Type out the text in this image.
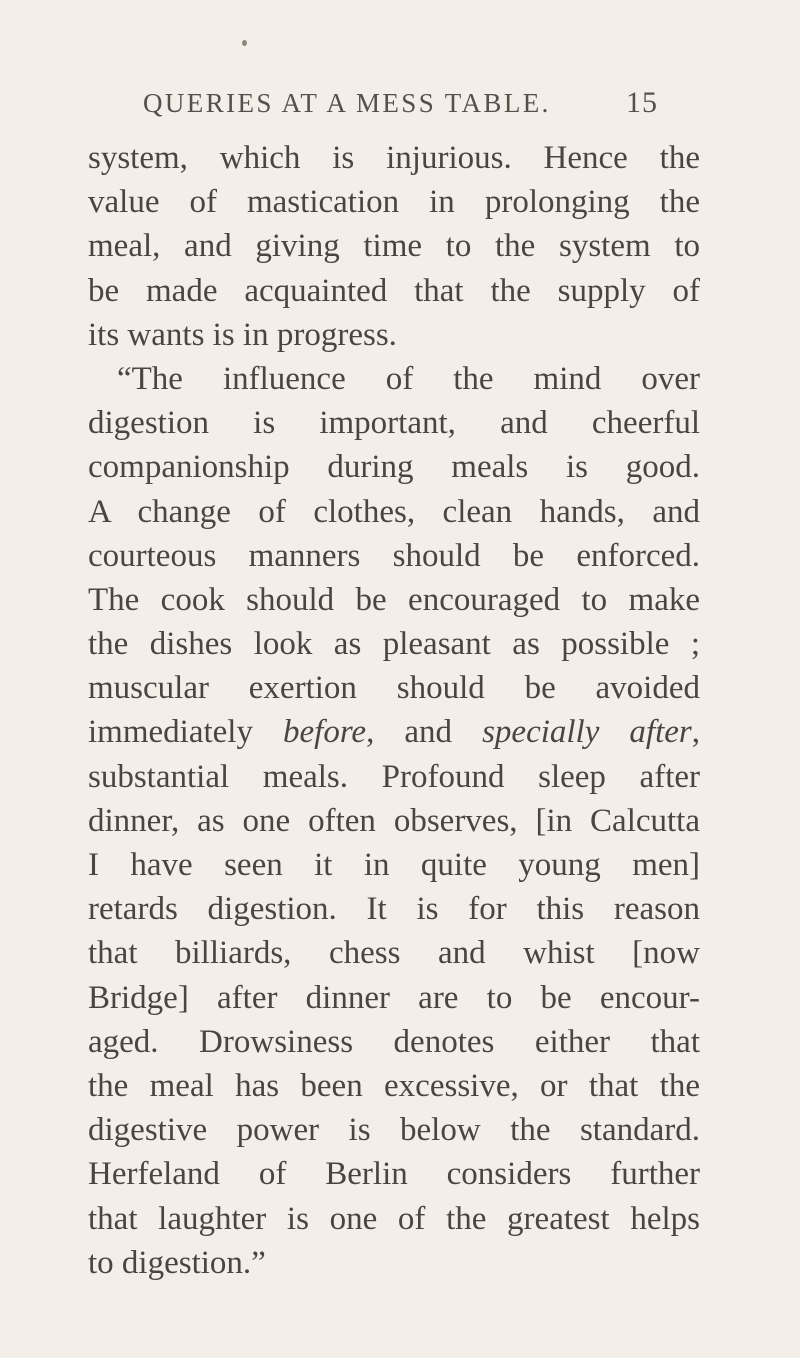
QUERIES AT A MESS TABLE.	15
system, which is injurious. Hence the
value of mastication in prolonging the
meal, and giving time to the system to
be made acquainted that the supply of
its wants is in progress.
“The influence of the mind over
digestion is important, and cheerful
companionship during meals is good.
A change of clothes, clean hands, and
courteous manners should be enforced.
The cook should be encouraged to make
the dishes look as pleasant as possible ;
muscular exertion should be avoided
immediately before, and specially after,
substantial meals. Profound sleep after
dinner, as one often observes, [in Calcutta
I have seen it in quite young men]
retards digestion. It is for this reason
that billiards, chess and whist [now
Bridge] after dinner are to be encour-
aged. Drowsiness denotes either that
the meal has been excessive, or that the
digestive power is below the standard.
Herfeland of Berlin considers further
that laughter is one of the greatest helps
to digestion.”
